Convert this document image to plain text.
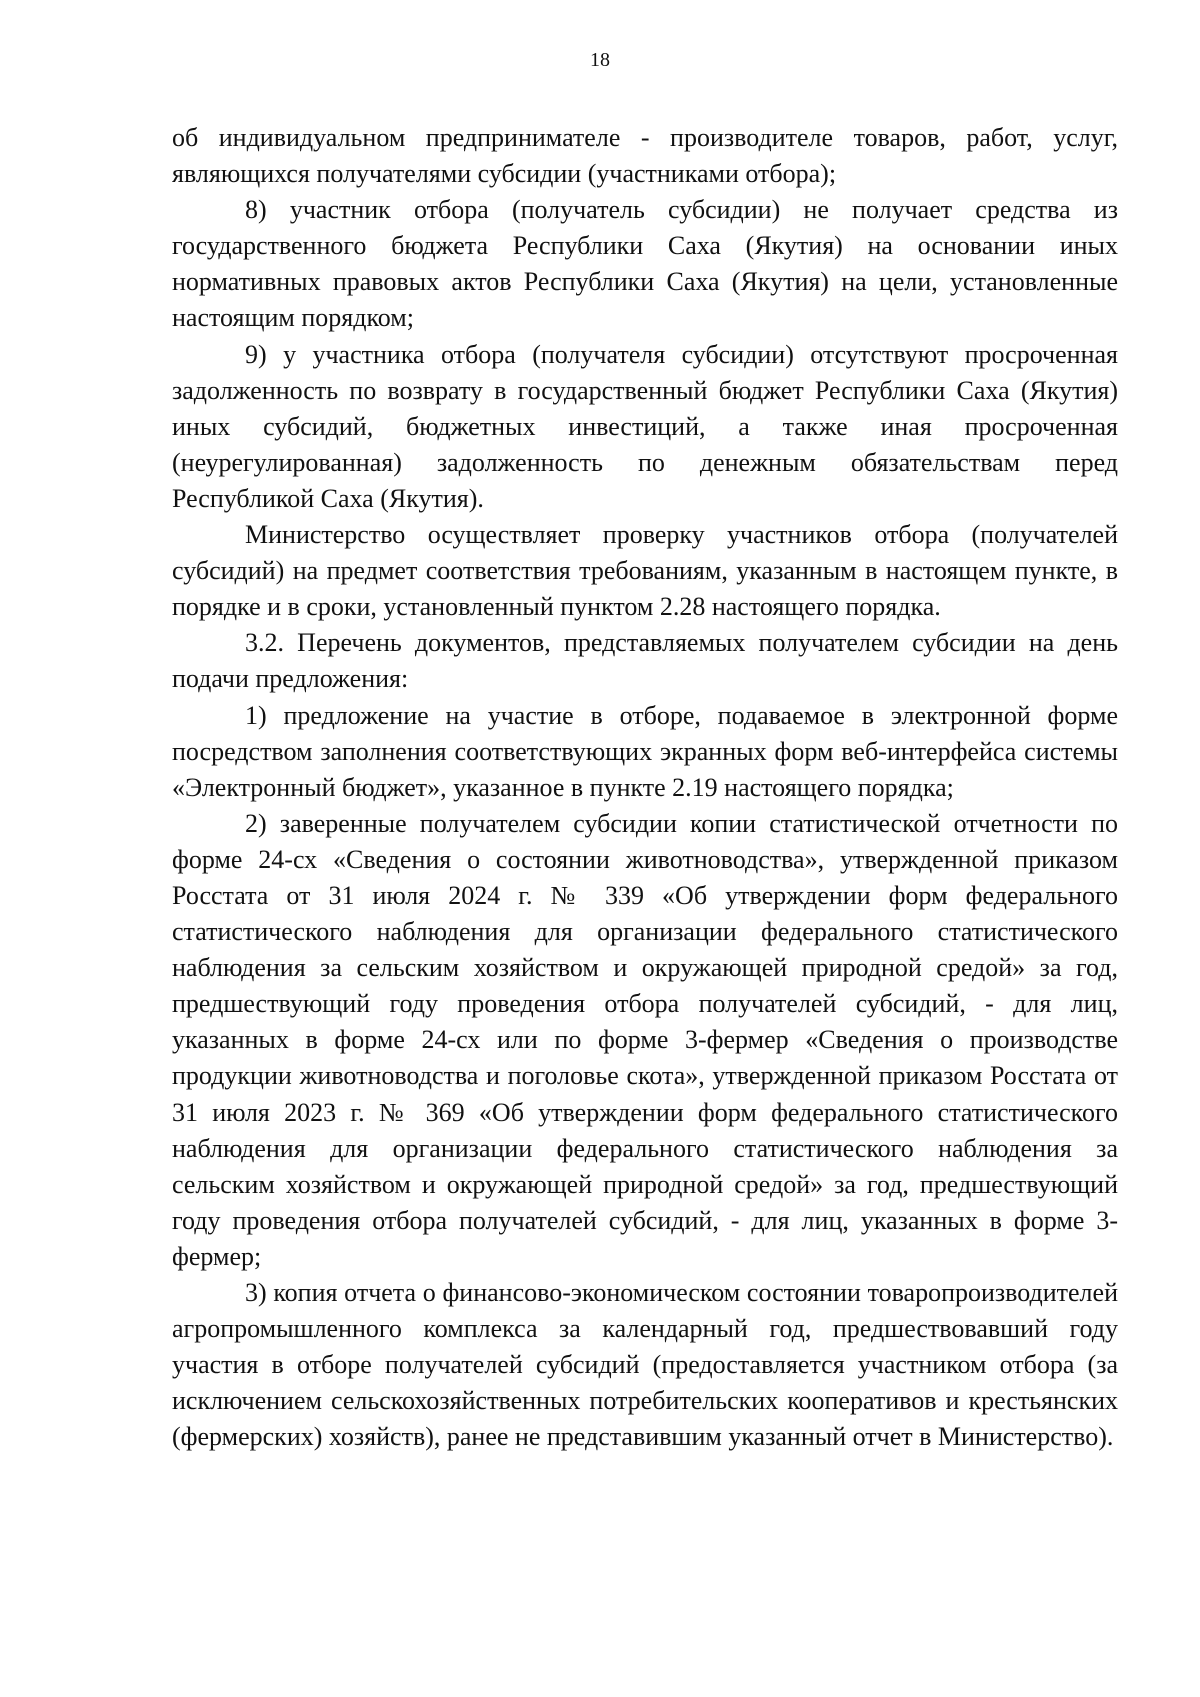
18

об индивидуальном предпринимателе - производителе товаров, работ, услуг, являющихся получателями субсидии (участниками отбора);

8) участник отбора (получатель субсидии) не получает средства из государственного бюджета Республики Саха (Якутия) на основании иных нормативных правовых актов Республики Саха (Якутия) на цели, установленные настоящим порядком;

9) у участника отбора (получателя субсидии) отсутствуют просроченная задолженность по возврату в государственный бюджет Республики Саха (Якутия) иных субсидий, бюджетных инвестиций, а также иная просроченная (неурегулированная) задолженность по денежным обязательствам перед Республикой Саха (Якутия).

Министерство осуществляет проверку участников отбора (получателей субсидий) на предмет соответствия требованиям, указанным в настоящем пункте, в порядке и в сроки, установленный пунктом 2.28 настоящего порядка.

3.2. Перечень документов, представляемых получателем субсидии на день подачи предложения:

1) предложение на участие в отборе, подаваемое в электронной форме посредством заполнения соответствующих экранных форм веб-интерфейса системы «Электронный бюджет», указанное в пункте 2.19 настоящего порядка;

2) заверенные получателем субсидии копии статистической отчетности по форме 24-сх «Сведения о состоянии животноводства», утвержденной приказом Росстата от 31 июля 2024 г. № 339 «Об утверждении форм федерального статистического наблюдения для организации федерального статистического наблюдения за сельским хозяйством и окружающей природной средой» за год, предшествующий году проведения отбора получателей субсидий, - для лиц, указанных в форме 24-сх или по форме 3-фермер «Сведения о производстве продукции животноводства и поголовье скота», утвержденной приказом Росстата от 31 июля 2023 г. № 369 «Об утверждении форм федерального статистического наблюдения для организации федерального статистического наблюдения за сельским хозяйством и окружающей природной средой» за год, предшествующий году проведения отбора получателей субсидий, - для лиц, указанных в форме 3-фермер;

3) копия отчета о финансово-экономическом состоянии товаропроизводителей агропромышленного комплекса за календарный год, предшествовавший году участия в отборе получателей субсидий (предоставляется участником отбора (за исключением сельскохозяйственных потребительских кооперативов и крестьянских (фермерских) хозяйств), ранее не представившим указанный отчет в Министерство).
